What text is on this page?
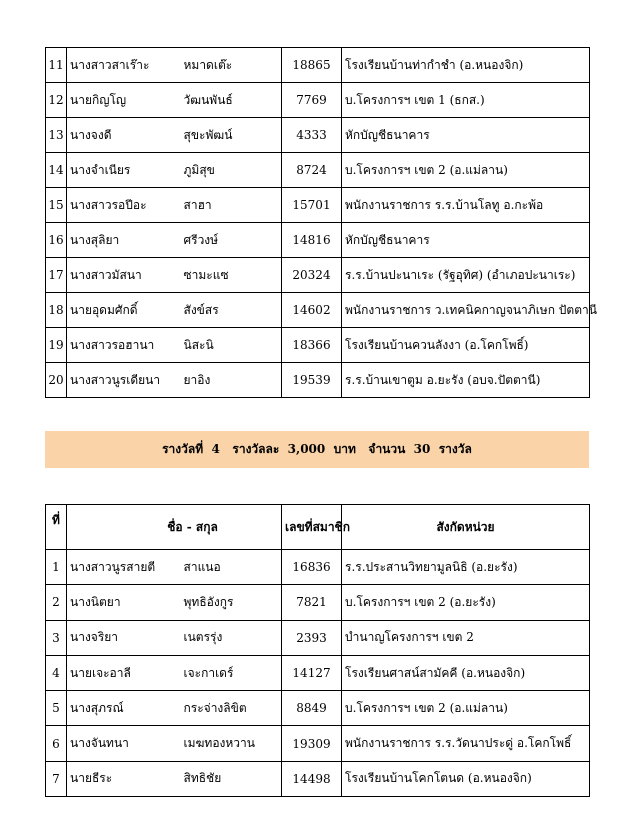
11	นางสาวสาเร๊าะ	หมาดเต๊ะ	18865	โรงเรียนบ้านท่ากำชำ (อ.หนองจิก)
12	นายกิญโญ	วัฒนพันธ์	7769	บ.โครงการฯ เขต 1 (ธกส.)
13	นางจงดี	สุขะพัฒน์	4333	หักบัญชีธนาคาร
14	นางจำเนียร	ภูมิสุข	8724	บ.โครงการฯ เขต 2 (อ.แม่ลาน)
15	นางสาวรอปีอะ	สาฮา	15701	พนักงานราชการ ร.ร.บ้านโลทู อ.กะพ้อ
16	นางสุลิยา	ศรีวงษ์	14816	หักบัญชีธนาคาร
17	นางสาวมัสนา	ซามะแซ	20324	ร.ร.บ้านปะนาเระ (รัฐอุทิศ) (อำเภอปะนาเระ)
18	นายอุดมศักดิ์	สังข์สร	14602	พนักงานราชการ ว.เทคนิคกาญจนาภิเษก ปัตตานี
19	นางสาวรอฮานา	นิสะนิ	18366	โรงเรียนบ้านควนลังงา (อ.โคกโพธิ์)
20	นางสาวนูรเดียนา	ยาอิง	19539	ร.ร.บ้านเขาตูม อ.ยะรัง (อบจ.ปัตตานี)
รางวัลที่  4   รางวัลละ  3,000  บาท   จำนวน  30  รางวัล
ที่	ชื่อ - สกุล		เลขที่สมาชิก	สังกัดหน่วย
1	นางสาวนูรสายตี	สาแนอ	16836	ร.ร.ประสานวิทยามูลนิธิ (อ.ยะรัง)
2	นางนิตยา	พุทธิอังกูร	7821	บ.โครงการฯ เขต 2 (อ.ยะรัง)
3	นางจริยา	เนตรรุ่ง	2393	บำนาญโครงการฯ เขต 2
4	นายเจะอาลี	เจะกาเดร์	14127	โรงเรียนศาสน์สามัคคี (อ.หนองจิก)
5	นางสุภรณ์	กระจ่างลิขิต	8849	บ.โครงการฯ เขต 2 (อ.แม่ลาน)
6	นางจันทนา	เมฆทองหวาน	19309	พนักงานราชการ ร.ร.วัดนาประดู่ อ.โคกโพธิ์
7	นายธีระ	สิทธิชัย	14498	โรงเรียนบ้านโคกโตนด (อ.หนองจิก)
